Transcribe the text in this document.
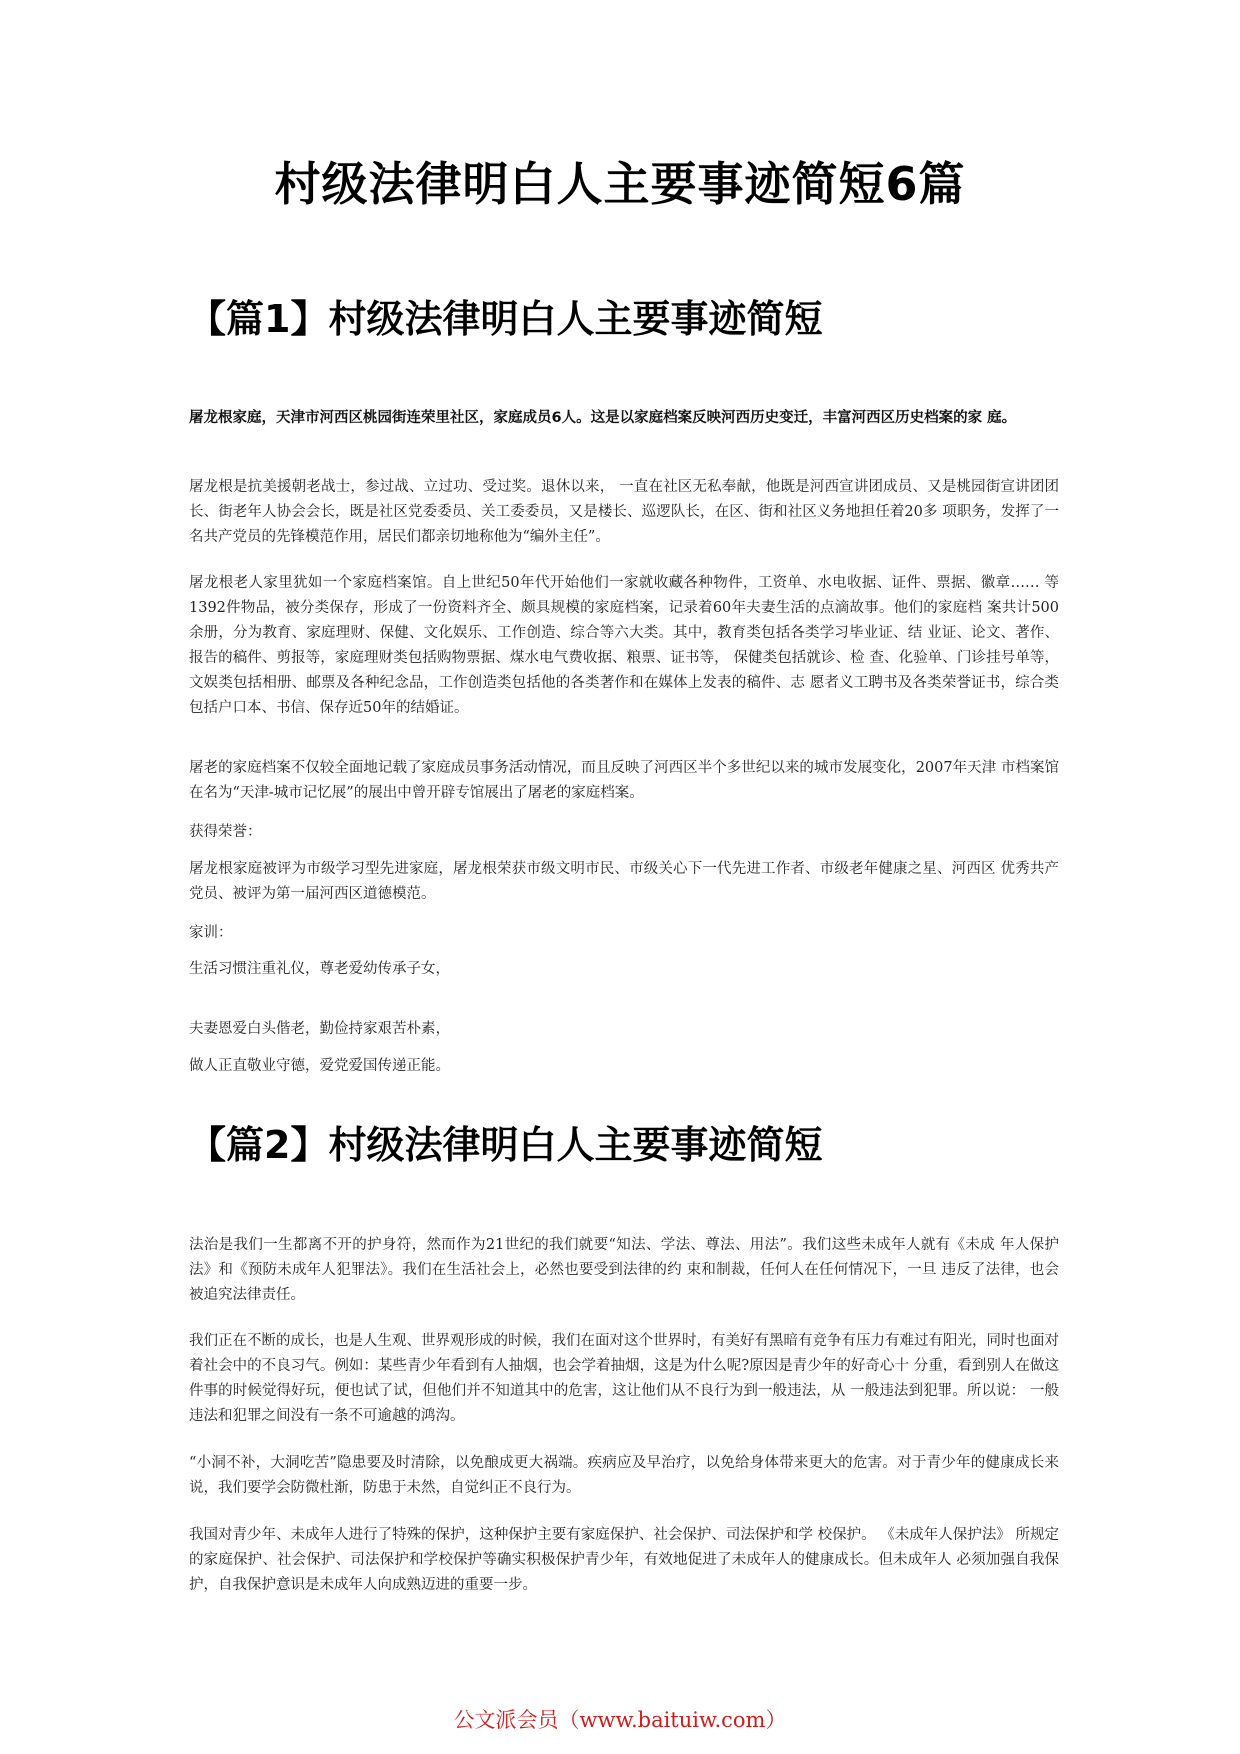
村级法律明白人主要事迹简短6篇
【篇1】村级法律明白人主要事迹简短

屠龙根家庭，天津市河西区桃园街连荣里社区，家庭成员6人。这是以家庭档案反映河西历史变迁，丰富河西区历史档案的家 庭。

屠龙根是抗美援朝老战士，参过战、立过功、受过奖。退休以来， 一直在社区无私奉献，他既是河西宣讲团成员、又是桃园街宣讲团团长、街老年人协会会长，既是社区党委委员、关工委委员，又是楼长、巡逻队长，在区、街和社区义务地担任着20多 项职务，发挥了一名共产党员的先锋模范作用，居民们都亲切地称他为“编外主任”。

屠龙根老人家里犹如一个家庭档案馆。自上世纪50年代开始他们一家就收藏各种物件，工资单、水电收据、证件、票据、徽章…… 等1392件物品，被分类保存，形成了一份资料齐全、颇具规模的家庭档案，记录着60年夫妻生活的点滴故事。他们的家庭档 案共计500余册，分为教育、家庭理财、保健、文化娱乐、工作创造、综合等六大类。其中，教育类包括各类学习毕业证、结 业证、论文、著作、报告的稿件、剪报等，家庭理财类包括购物票据、煤水电气费收据、粮票、证书等， 保健类包括就诊、检 查、化验单、门诊挂号单等，文娱类包括相册、邮票及各种纪念品，工作创造类包括他的各类著作和在媒体上发表的稿件、志 愿者义工聘书及各类荣誉证书，综合类包括户口本、书信、保存近50年的结婚证。

屠老的家庭档案不仅较全面地记载了家庭成员事务活动情况，而且反映了河西区半个多世纪以来的城市发展变化，2007年天津 市档案馆在名为“天津-城市记忆展”的展出中曾开辟专馆展出了屠老的家庭档案。

获得荣誉：

屠龙根家庭被评为市级学习型先进家庭，屠龙根荣获市级文明市民、市级关心下一代先进工作者、市级老年健康之星、河西区 优秀共产党员、被评为第一届河西区道德模范。

家训：

生活习惯注重礼仪，尊老爱幼传承子女，

夫妻恩爱白头偕老，勤俭持家艰苦朴素，

做人正直敬业守德，爱党爱国传递正能。

【篇2】村级法律明白人主要事迹简短

法治是我们一生都离不开的护身符，然而作为21世纪的我们就要“知法、学法、尊法、用法”。我们这些未成年人就有《未成 年人保护法》和《预防未成年人犯罪法》。我们在生活社会上，必然也要受到法律的约 束和制裁，任何人在任何情况下，一旦 违反了法律，也会被追究法律责任。

我们正在不断的成长，也是人生观、世界观形成的时候，我们在面对这个世界时，有美好有黑暗有竞争有压力有难过有阳光，同时也面对着社会中的不良习气。例如：某些青少年看到有人抽烟，也会学着抽烟，这是为什么呢?原因是青少年的好奇心十 分重，看到别人在做这件事的时候觉得好玩，便也试了试，但他们并不知道其中的危害，这让他们从不良行为到一般违法，从 一般违法到犯罪。所以说： 一般违法和犯罪之间没有一条不可逾越的鸿沟。

“小洞不补，大洞吃苦”隐患要及时清除，以免酿成更大祸端。疾病应及早治疗，以免给身体带来更大的危害。对于青少年的健康成长来说，我们要学会防微杜渐，防患于未然，自觉纠正不良行为。

我国对青少年、未成年人进行了特殊的保护，这种保护主要有家庭保护、社会保护、司法保护和学 校保护。 《未成年人保护法》 所规定的家庭保护、社会保护、司法保护和学校保护等确实积极保护青少年，有效地促进了未成年人的健康成长。但未成年人 必须加强自我保护，自我保护意识是未成年人向成熟迈进的重要一步。

公文派会员（www.baituiw.com）
